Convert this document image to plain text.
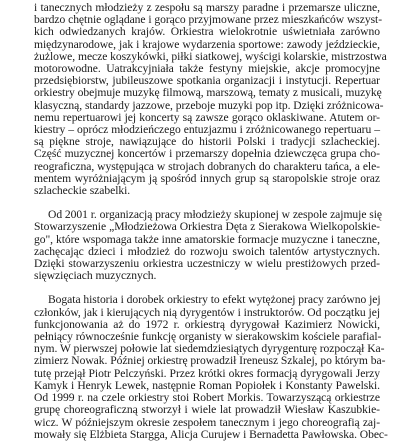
i tanecznych młodzieży z zespołu są marszy paradne i przemarsze uliczne,
bardzo chętnie oglądane i gorąco przyjmowane przez mieszkańców wszyst-
kich odwiedzanych krajów. Orkiestra wielokrotnie uświetniała zarówno
międzynarodowe, jak i krajowe wydarzenia sportowe: zawody jeździeckie,
żużlowe, mecze koszykówki, piłki siatkowej, wyścigi kolarskie, mistrzostwa
motorowodne. Uatrakcyjniała także festyny miejskie, akcje promocyjne
przedsiębiorstw, jubileuszowe spotkania organizacji i instytucji. Repertuar
orkiestry obejmuje muzykę filmową, marszową, tematy z musicali, muzykę
klasyczną, standardy jazzowe, przeboje muzyki pop itp. Dzięki zróżnicowa-
nemu repertuarowi jej koncerty są zawsze gorąco oklaskiwane. Atutem or-
kiestry – oprócz młodzieńczego entuzjazmu i zróżnicowanego repertuaru –
są piękne stroje, nawiązujące do historii Polski i tradycji szlacheckiej.
Część muzycznej koncertów i przemarszy dopełnia dziewczęca grupa cho-
reograficzna, występująca w strojach dobranych do charakteru tańca, a ele-
mentem wyróżniającym ją spośród innych grup są staropolskie stroje oraz
szlacheckie szabelki.
Od 2001 r. organizacją pracy młodzieży skupionej w zespole zajmuje się
Stowarzyszenie „Młodzieżowa Orkiestra Dęta z Sierakowa Wielkopolskie-
go", które wspomaga także inne amatorskie formacje muzyczne i taneczne,
zachęcając dzieci i młodzież do rozwoju swoich talentów artystycznych.
Dzięki stowarzyszeniu orkiestra uczestniczy w wielu prestiżowych przed-
sięwzięciach muzycznych.
Bogata historia i dorobek orkiestry to efekt wytężonej pracy zarówno jej
członków, jak i kierujących nią dyrygentów i instruktorów. Od początku jej
funkcjonowania aż do 1972 r. orkiestrą dyrygował Kazimierz Nowicki,
pełniący równocześnie funkcję organisty w sierakowskim kościele parafial-
nym. W pierwszej połowie lat siedemdziesiątych dyrygenturę rozpoczął Ka-
zimierz Nowak. Później orkiestrę prowadził Ireneusz Szkalej, po którym ba-
tutę przejął Piotr Pelczyński. Przez krótki okres formacją dyrygowali Jerzy
Kamyk i Henryk Lewek, następnie Roman Popiołek i Konstanty Pawelski.
Od 1999 r. na czele orkiestry stoi Robert Morkis. Towarzyszącą orkiestrze
grupę choreograficzną stworzył i wiele lat prowadził Wiesław Kaszubkie-
wicz. W późniejszym okresie zespołem tanecznym i jego choreografią zaj-
mowały się Elżbieta Stargga, Alicja Curujew i Bernadetta Pawłowska. Obec-
